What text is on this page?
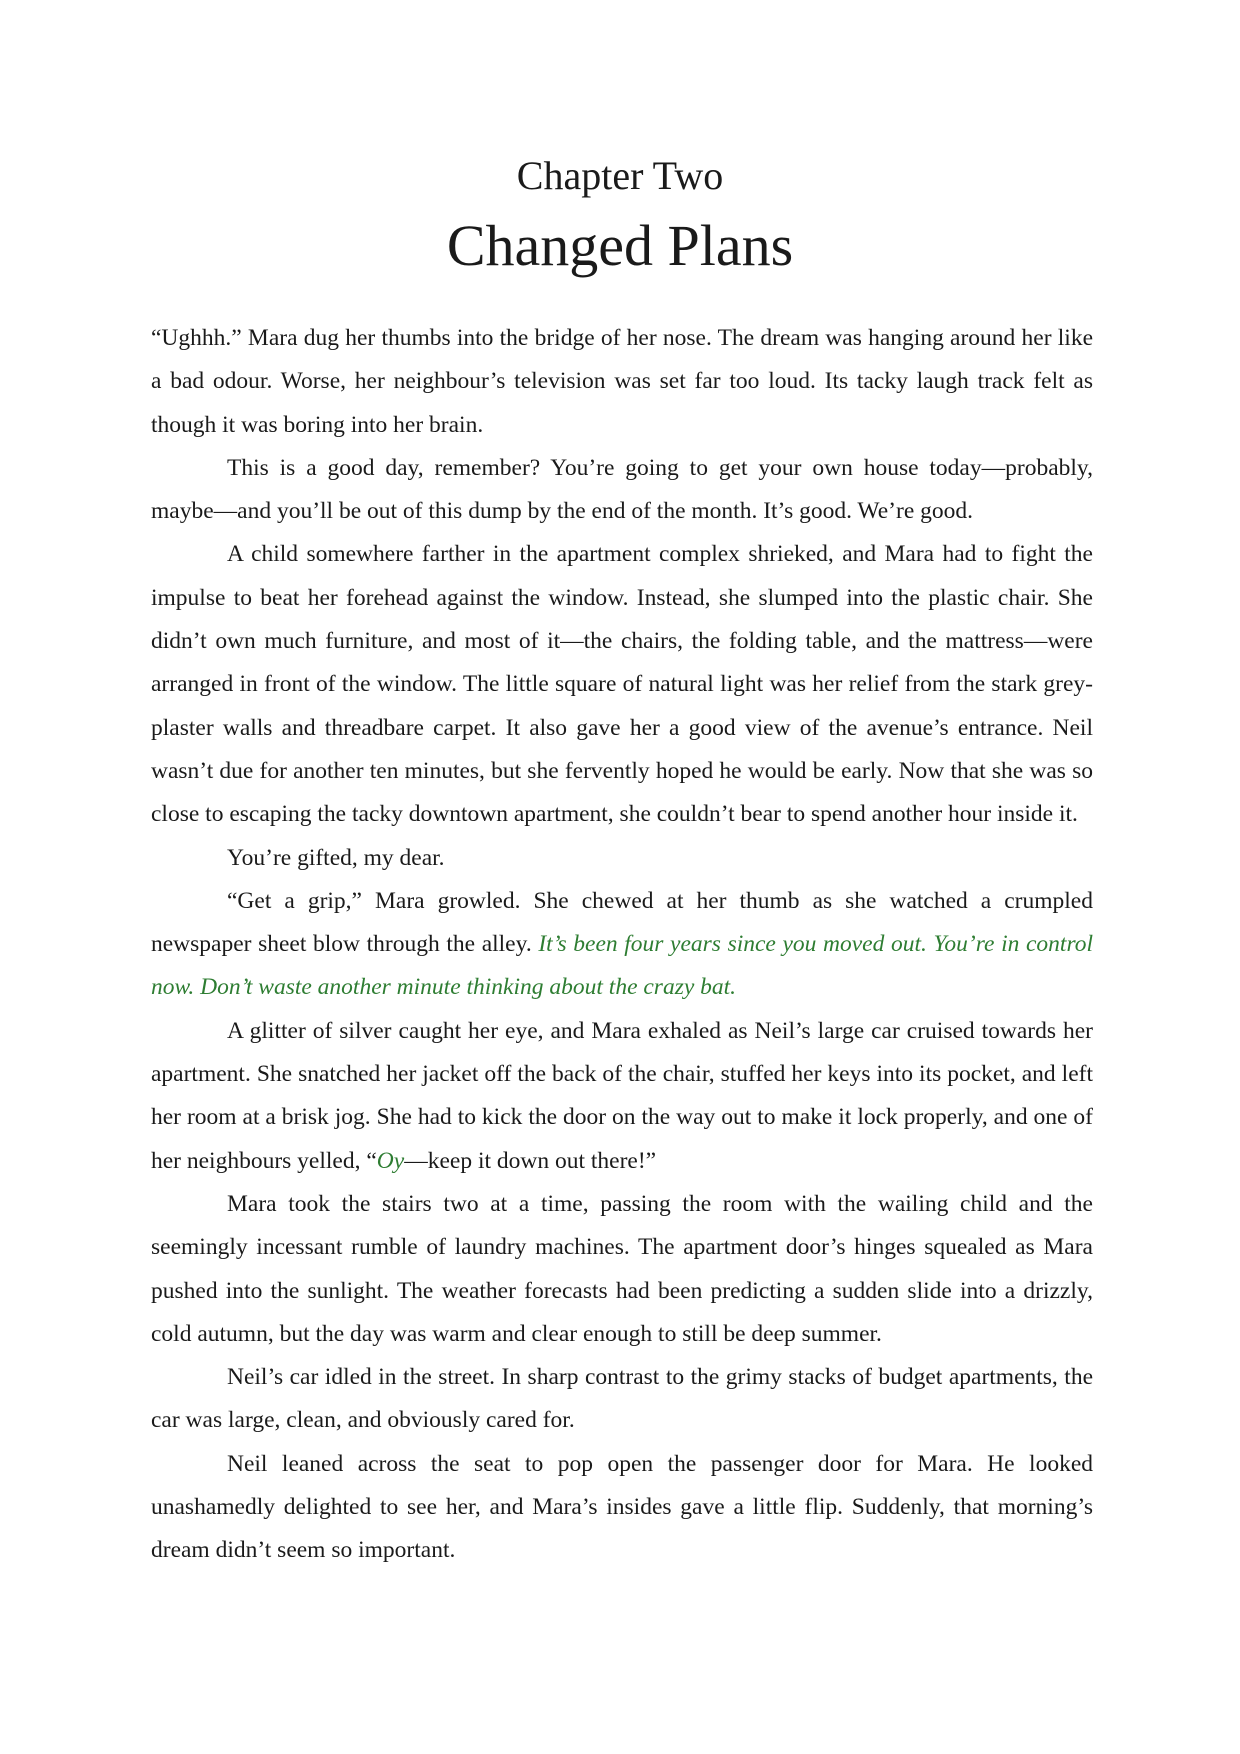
Chapter Two
Changed Plans

“Ughhh.” Mara dug her thumbs into the bridge of her nose. The dream was hanging around her like a bad odour. Worse, her neighbour’s television was set far too loud. Its tacky laugh track felt as though it was boring into her brain.

This is a good day, remember? You’re going to get your own house today—probably, maybe—and you’ll be out of this dump by the end of the month. It’s good. We’re good.

A child somewhere farther in the apartment complex shrieked, and Mara had to fight the impulse to beat her forehead against the window. Instead, she slumped into the plastic chair. She didn’t own much furniture, and most of it—the chairs, the folding table, and the mattress—were arranged in front of the window. The little square of natural light was her relief from the stark grey-plaster walls and threadbare carpet. It also gave her a good view of the avenue’s entrance. Neil wasn’t due for another ten minutes, but she fervently hoped he would be early. Now that she was so close to escaping the tacky downtown apartment, she couldn’t bear to spend another hour inside it.

You’re gifted, my dear.

“Get a grip,” Mara growled. She chewed at her thumb as she watched a crumpled newspaper sheet blow through the alley. It’s been four years since you moved out. You’re in control now. Don’t waste another minute thinking about the crazy bat.

A glitter of silver caught her eye, and Mara exhaled as Neil’s large car cruised towards her apartment. She snatched her jacket off the back of the chair, stuffed her keys into its pocket, and left her room at a brisk jog. She had to kick the door on the way out to make it lock properly, and one of her neighbours yelled, “Oy—keep it down out there!”

Mara took the stairs two at a time, passing the room with the wailing child and the seemingly incessant rumble of laundry machines. The apartment door’s hinges squealed as Mara pushed into the sunlight. The weather forecasts had been predicting a sudden slide into a drizzly, cold autumn, but the day was warm and clear enough to still be deep summer.

Neil’s car idled in the street. In sharp contrast to the grimy stacks of budget apartments, the car was large, clean, and obviously cared for.

Neil leaned across the seat to pop open the passenger door for Mara. He looked unashamedly delighted to see her, and Mara’s insides gave a little flip. Suddenly, that morning’s dream didn’t seem so important.
